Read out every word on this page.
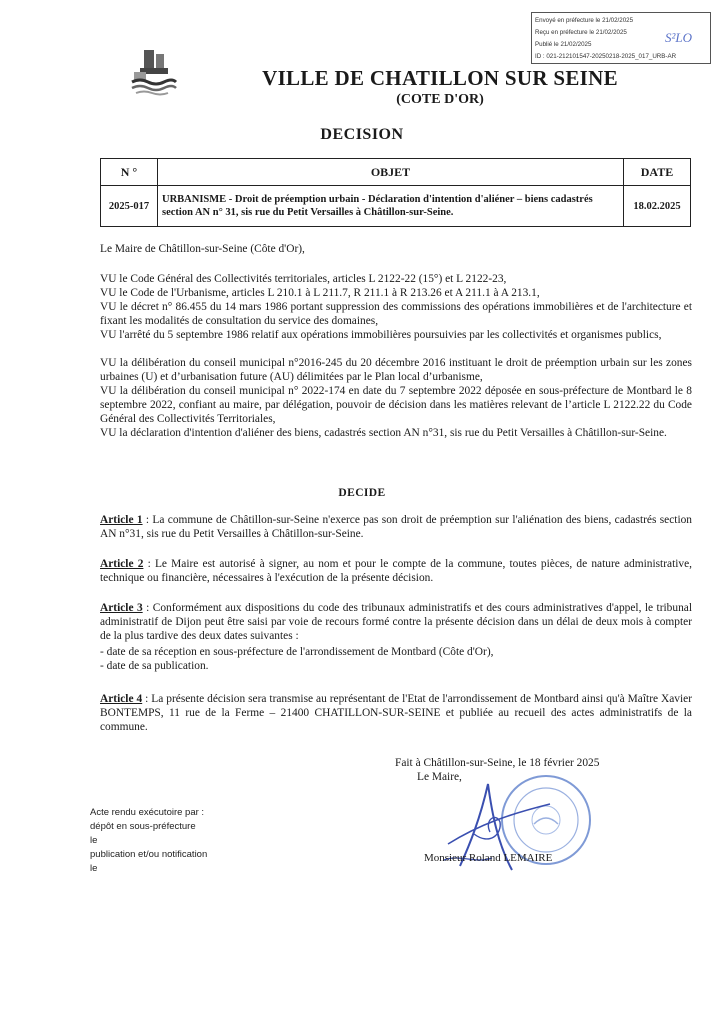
Envoyé en préfecture le 21/02/2025
Reçu en préfecture le 21/02/2025
Publié le 21/02/2025
ID : 021-212101547-20250218-2025_017_URB-AR
S²LO
VILLE DE CHATILLON SUR SEINE
(COTE D'OR)
DECISION
N °	OBJET	DATE
2025-017	URBANISME - Droit de préemption urbain - Déclaration d'intention d'aliéner – biens cadastrés section AN n° 31, sis rue du Petit Versailles à Châtillon-sur-Seine.	18.02.2025
Le Maire de Châtillon-sur-Seine (Côte d'Or),
VU le Code Général des Collectivités territoriales, articles L 2122-22 (15°) et L 2122-23,
VU le Code de l'Urbanisme, articles L 210.1 à L 211.7, R 211.1 à R 213.26 et A 211.1 à A 213.1,
VU le décret n° 86.455 du 14 mars 1986 portant suppression des commissions des opérations immobilières et de l'architecture et fixant les modalités de consultation du service des domaines,
VU l'arrêté du 5 septembre 1986 relatif aux opérations immobilières poursuivies par les collectivités et organismes publics,
VU la délibération du conseil municipal n°2016-245 du 20 décembre 2016 instituant le droit de préemption urbain sur les zones urbaines (U) et d’urbanisation future (AU) délimitées par le Plan local d’urbanisme,
VU la délibération du conseil municipal n° 2022-174 en date du 7 septembre 2022 déposée en sous-préfecture de Montbard le 8 septembre 2022, confiant au maire, par délégation, pouvoir de décision dans les matières relevant de l’article L 2122.22 du Code Général des Collectivités Territoriales,
VU la déclaration d'intention d'aliéner des biens, cadastrés section AN n°31, sis rue du Petit Versailles à Châtillon-sur-Seine.
DECIDE
Article 1 : La commune de Châtillon-sur-Seine n'exerce pas son droit de préemption sur l'aliénation des biens, cadastrés section AN n°31, sis rue du Petit Versailles à Châtillon-sur-Seine.
Article 2 : Le Maire est autorisé à signer, au nom et pour le compte de la commune, toutes pièces, de nature administrative, technique ou financière, nécessaires à l'exécution de la présente décision.
Article 3 : Conformément aux dispositions du code des tribunaux administratifs et des cours administratives d'appel, le tribunal administratif de Dijon peut être saisi par voie de recours formé contre la présente décision dans un délai de deux mois à compter de la plus tardive des deux dates suivantes :
- date de sa réception en sous-préfecture de l'arrondissement de Montbard (Côte d'Or),
- date de sa publication.
Article 4 : La présente décision sera transmise au représentant de l'Etat de l'arrondissement de Montbard ainsi qu'à Maître Xavier BONTEMPS, 11 rue de la Ferme – 21400 CHATILLON-SUR-SEINE et publiée au recueil des actes administratifs de la commune.
Fait à Châtillon-sur-Seine, le 18 février 2025
Le Maire,
Monsieur Roland LEMAIRE
Acte rendu exécutoire par :
dépôt en sous-préfecture
le
publication et/ou notification
le
